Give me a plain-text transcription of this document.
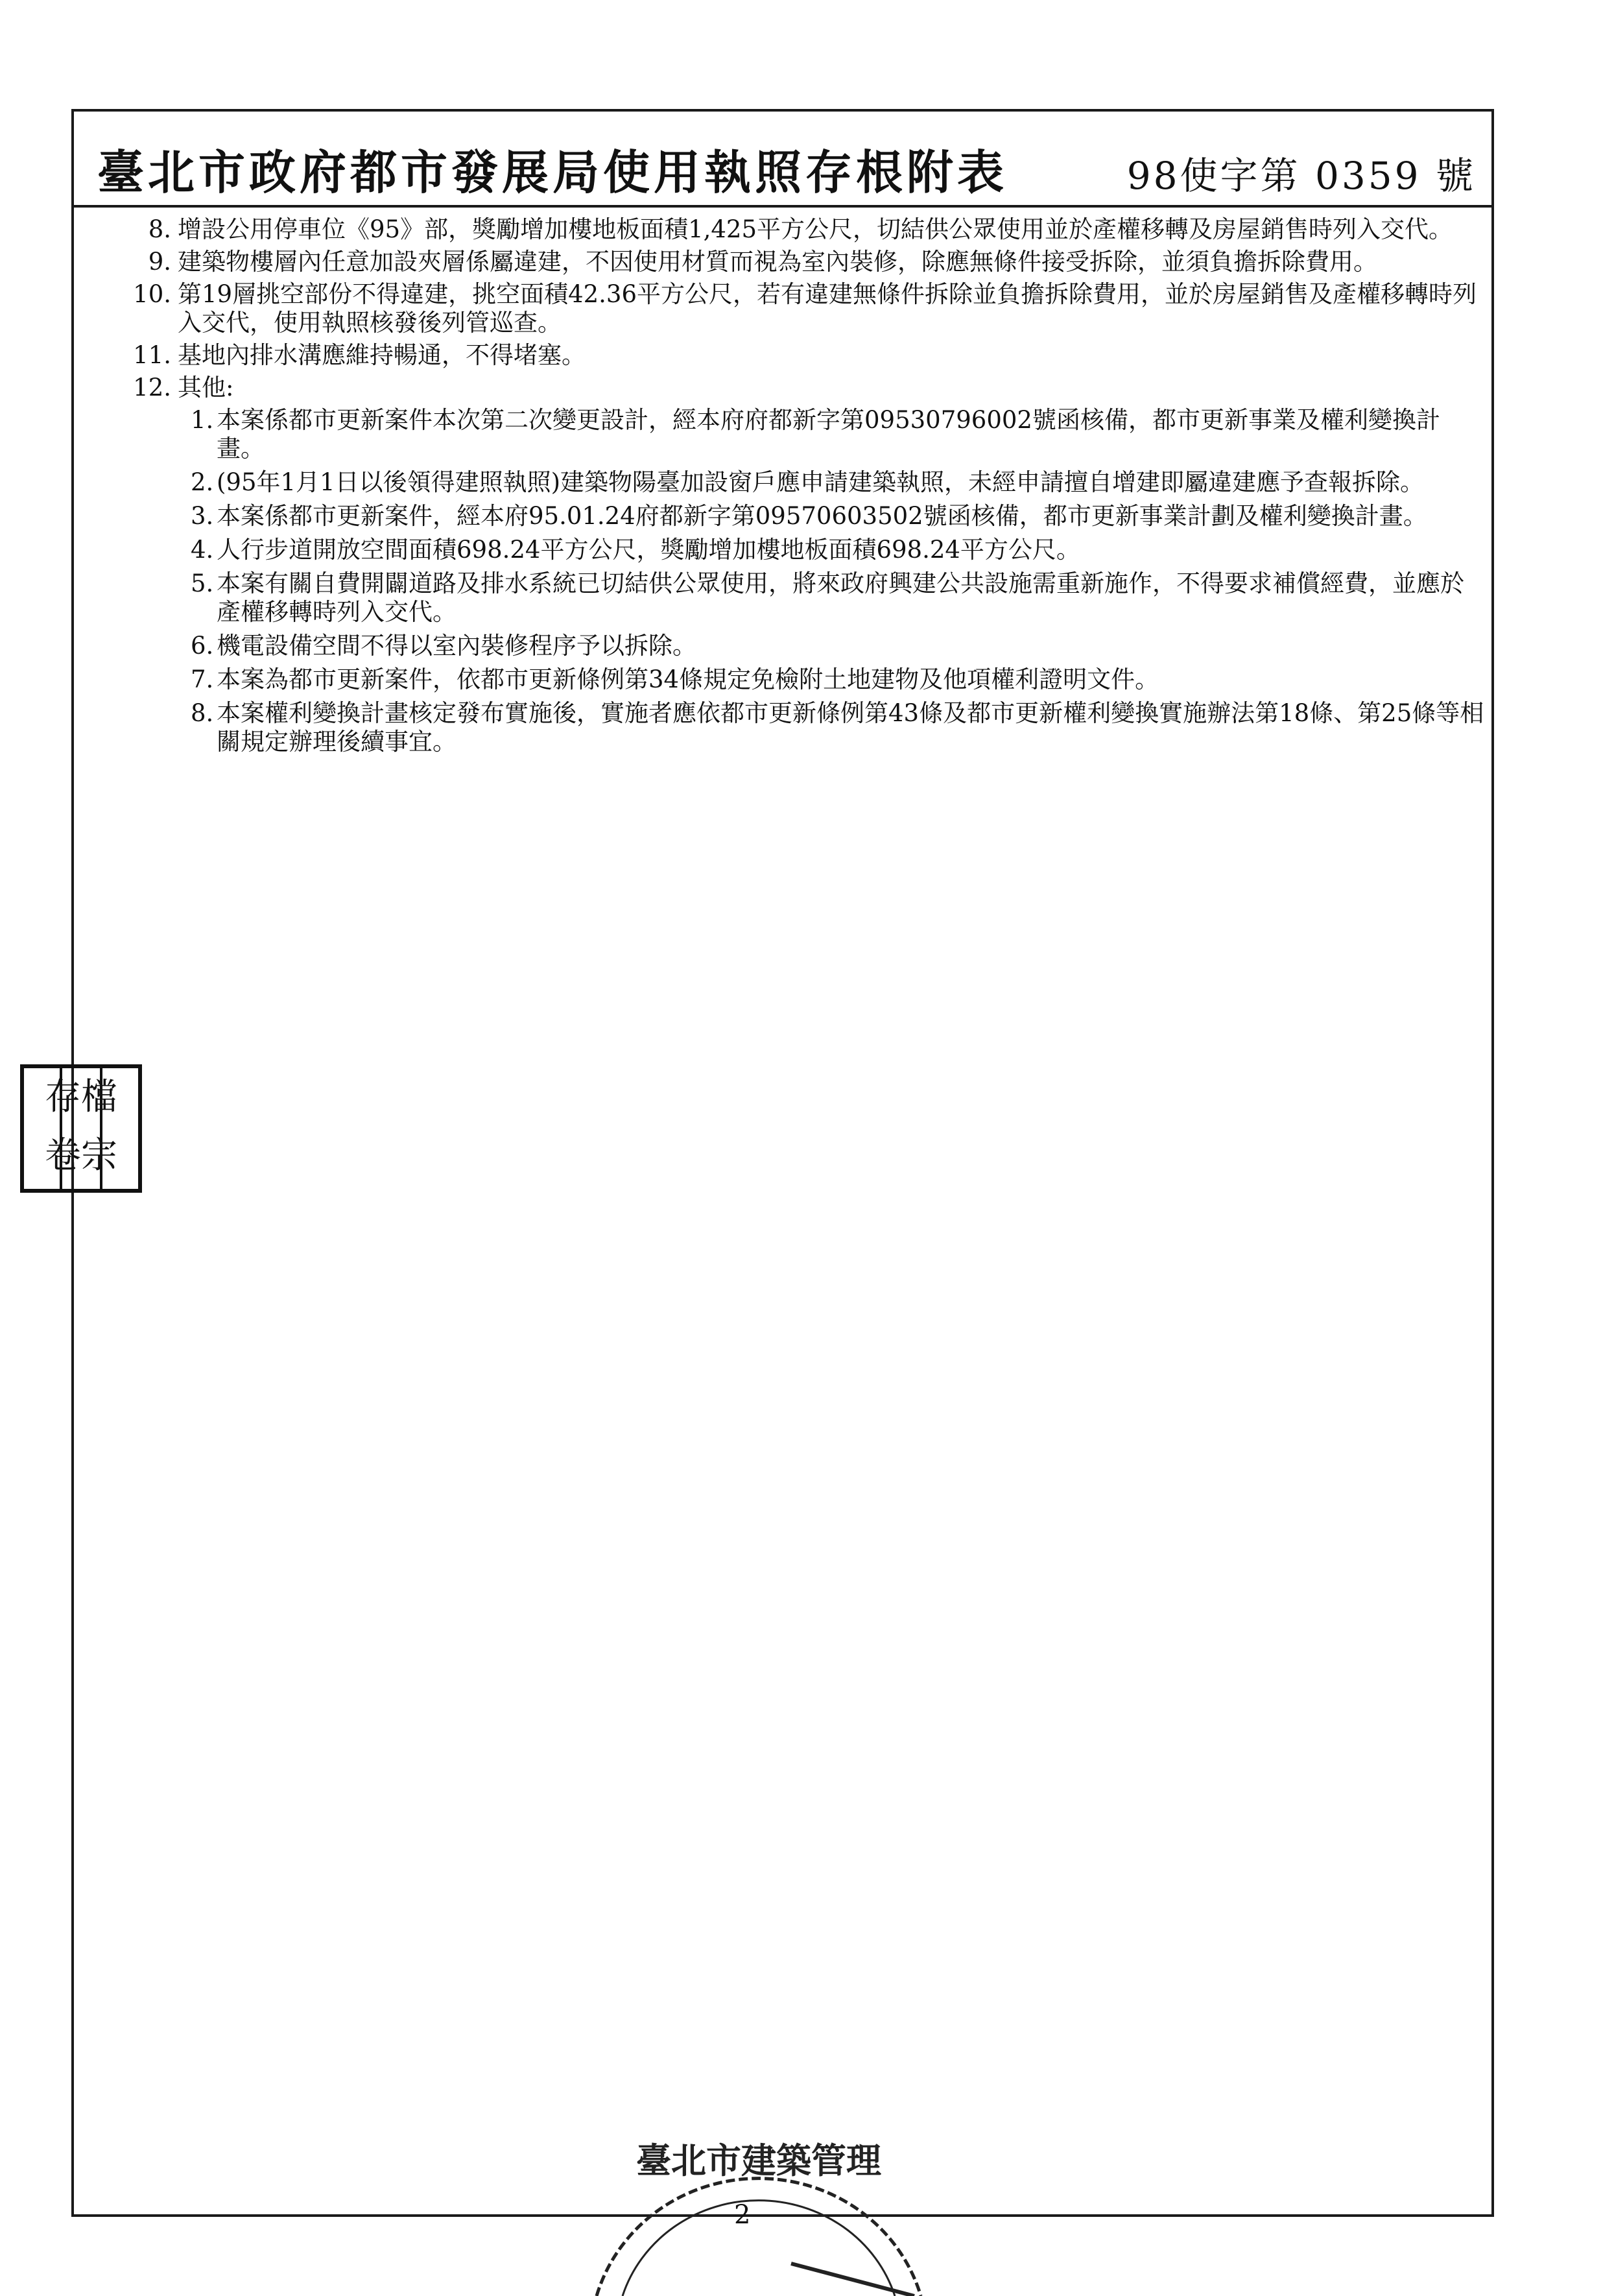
臺北市政府都市發展局使用執照存根附表	98使字第 0359 號
8. 增設公用停車位《95》部，獎勵增加樓地板面積1,425平方公尺，切結供公眾使用並於產權移轉及房屋銷售時列入交代。
9. 建築物樓層內任意加設夾層係屬違建，不因使用材質而視為室內裝修，除應無條件接受拆除，並須負擔拆除費用。
10. 第19層挑空部份不得違建，挑空面積42.36平方公尺，若有違建無條件拆除並負擔拆除費用，並於房屋銷售及產權移轉時列入交代，使用執照核發後列管巡查。
11. 基地內排水溝應維持暢通，不得堵塞。
12. 其他:
1. 本案係都市更新案件本次第二次變更設計，經本府府都新字第09530796002號函核備，都市更新事業及權利變換計畫。
2. (95年1月1日以後領得建照執照)建築物陽臺加設窗戶應申請建築執照，未經申請擅自增建即屬違建應予查報拆除。
3. 本案係都市更新案件，經本府95.01.24府都新字第09570603502號函核備，都市更新事業計劃及權利變換計畫。
4. 人行步道開放空間面積698.24平方公尺，獎勵增加樓地板面積698.24平方公尺。
5. 本案有關自費開闢道路及排水系統已切結供公眾使用，將來政府興建公共設施需重新施作，不得要求補償經費，並應於產權移轉時列入交代。
6. 機電設備空間不得以室內裝修程序予以拆除。
7. 本案為都市更新案件，依都市更新條例第34條規定免檢附土地建物及他項權利證明文件。
8. 本案權利變換計畫核定發布實施後，實施者應依都市更新條例第43條及都市更新權利變換實施辦法第18條、第25條等相關規定辦理後續事宜。
存檔
卷宗
臺北市建築管理
2
